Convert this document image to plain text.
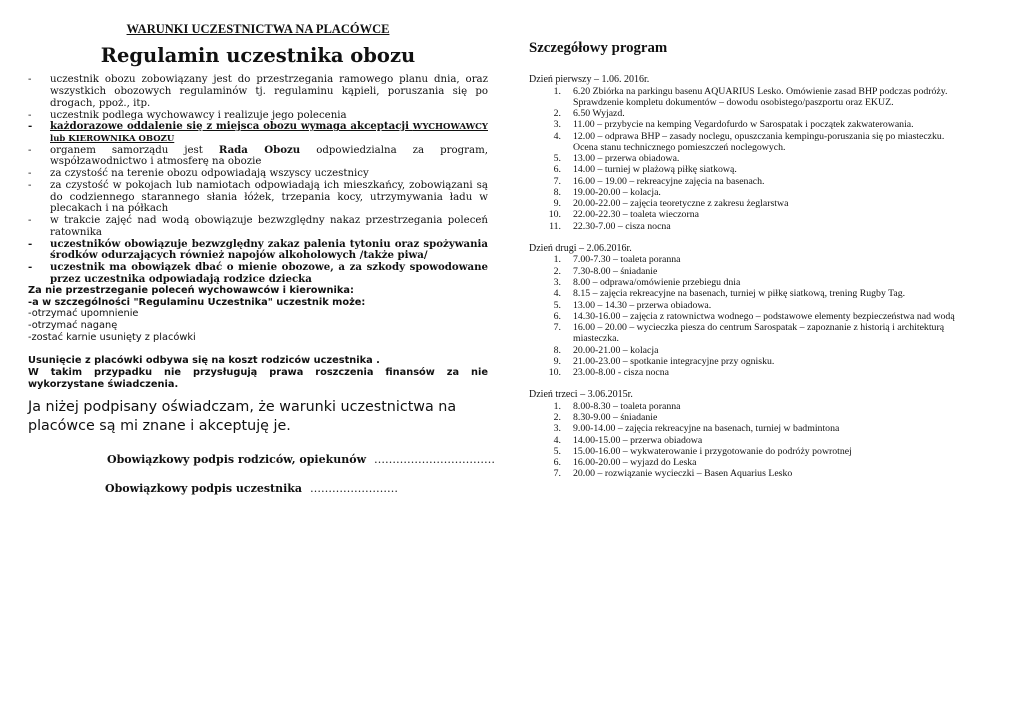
WARUNKI UCZESTNICTWA NA PLACÓWCE
Regulamin uczestnika obozu
- uczestnik obozu zobowiązany jest do przestrzegania ramowego planu dnia, oraz wszystkich obozowych regulaminów tj. regulaminu kąpieli, poruszania się po drogach, ppoż., itp.
- uczestnik podlega wychowawcy i realizuje jego polecenia
- każdorazowe oddalenie się z miejsca obozu wymaga akceptacji WYCHOWAWCY lub KIEROWNIKA OBOZU
- organem samorządu jest Rada Obozu odpowiedzialna za program, współzawodnictwo i atmosferę na obozie
- za czystość na terenie obozu odpowiadają wszyscy uczestnicy
- za czystość w pokojach lub namiotach odpowiadają ich mieszkańcy, zobowiązani są do codziennego starannego słania łóżek, trzepania kocy, utrzymywania ładu w plecakach i na półkach
- w trakcie zajęć nad wodą obowiązuje bezwzględny nakaz przestrzegania poleceń ratownika
- uczestników obowiązuje bezwzględny zakaz palenia tytoniu oraz spożywania środków odurzających również napojów alkoholowych /także piwa/
- uczestnik ma obowiązek dbać o mienie obozowe, a za szkody spowodowane przez uczestnika odpowiadają rodzice dziecka

Za nie przestrzeganie poleceń wychowawców i kierownika:

-a w szczególności "Regulaminu Uczestnika" uczestnik może:

-otrzymać upomnienie

-otrzymać naganę

-zostać karnie usunięty z placówki

Usunięcie z placówki odbywa się na koszt rodziców uczestnika .

W takim przypadku nie przysługują prawa roszczenia finansów za nie wykorzystane świadczenia.

Ja niżej podpisany oświadczam, że warunki uczestnictwa na placówce są mi znane i akceptuję je.
Obowiązkowy podpis rodziców, opiekunów ……………………………
Obowiązkowy podpis uczestnika ……………………
Szczegółowy program

Dzień pierwszy – 1.06. 2016r.

1. 6.20 Zbiórka na parkingu basenu AQUARIUS Lesko. Omówienie zasad BHP podczas podróży. Sprawdzenie kompletu dokumentów – dowodu osobistego/paszportu oraz EKUZ.
2. 6.50 Wyjazd.
3. 11.00 – przybycie na kemping Vegardofurdo w Sarospatak i początek zakwaterowania.
4. 12.00 – odprawa BHP – zasady noclegu, opuszczania kempingu-poruszania się po miasteczku. Ocena stanu technicznego pomieszczeń noclegowych.
5. 13.00 – przerwa obiadowa.
6. 14.00 – turniej w plażową piłkę siatkową.
7. 16.00 – 19.00 – rekreacyjne zajęcia na basenach.
8. 19.00-20.00 – kolacja.
9. 20.00-22.00 – zajęcia teoretyczne z zakresu żeglarstwa
10. 22.00-22.30 – toaleta wieczorna
11. 22.30-7.00 – cisza nocna

Dzień drugi – 2.06.2016r.

1. 7.00-7.30 – toaleta poranna
2. 7.30-8.00 – śniadanie
3. 8.00 – odprawa/omówienie przebiegu dnia
4. 8.15 – zajęcia rekreacyjne na basenach, turniej w piłkę siatkową, trening Rugby Tag.
5. 13.00 – 14.30 – przerwa obiadowa.
6. 14.30-16.00 – zajęcia z ratownictwa wodnego – podstawowe elementy bezpieczeństwa nad wodą
7. 16.00 – 20.00 – wycieczka piesza do centrum Sarospatak – zapoznanie z historią i architekturą miasteczka.
8. 20.00-21.00 – kolacja
9. 21.00-23.00 – spotkanie integracyjne przy ognisku.
10. 23.00-8.00 - cisza nocna

Dzień trzeci – 3.06.2015r.

1. 8.00-8.30 – toaleta poranna
2. 8.30-9.00 – śniadanie
3. 9.00-14.00 – zajęcia rekreacyjne na basenach, turniej w badmintona
4. 14.00-15.00 – przerwa obiadowa
5. 15.00-16.00 – wykwaterowanie i przygotowanie do podróży powrotnej
6. 16.00-20.00 – wyjazd do Leska
7. 20.00 – rozwiązanie wycieczki – Basen Aquarius Lesko
